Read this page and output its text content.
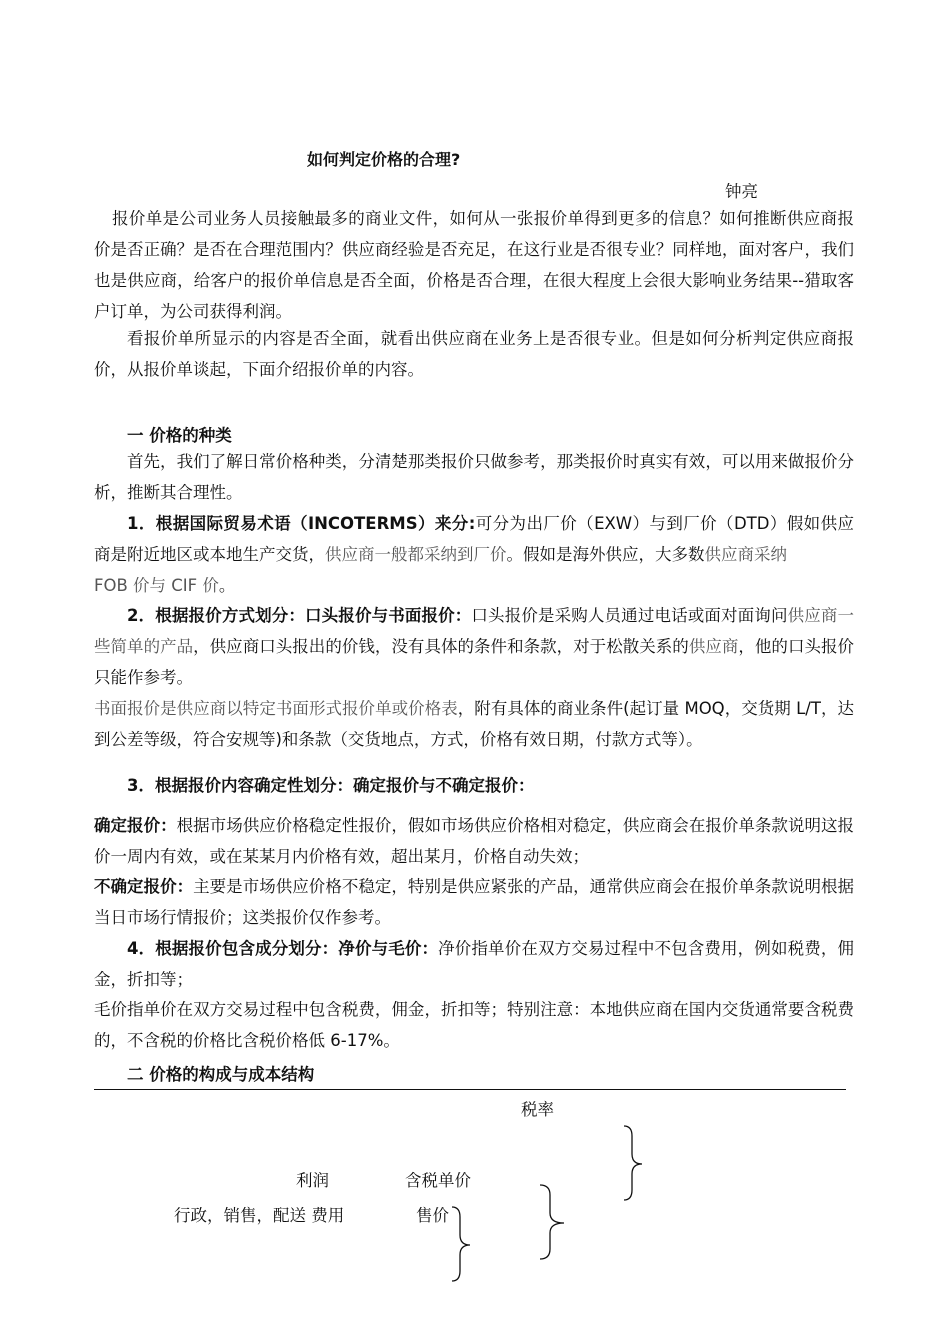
如何判定价格的合理?
钟亮

报价单是公司业务人员接触最多的商业文件，如何从一张报价单得到更多的信息？如何推断供应商报价是否正确？是否在合理范围内？供应商经验是否充足，在这行业是否很专业？同样地，面对客户，我们也是供应商，给客户的报价单信息是否全面，价格是否合理，在很大程度上会很大影响业务结果--猎取客户订单，为公司获得利润。

看报价单所显示的内容是否全面，就看出供应商在业务上是否很专业。但是如何分析判定供应商报价，从报价单谈起，下面介绍报价单的内容。

一 价格的种类

首先，我们了解日常价格种类，分清楚那类报价只做参考，那类报价时真实有效，可以用来做报价分析，推断其合理性。

1．根据国际贸易术语（INCOTERMS）来分:可分为出厂价（EXW）与到厂价（DTD）假如供应商是附近地区或本地生产交货，供应商一般都采纳到厂价。假如是海外供应，大多数供应商采纳
FOB 价与 CIF 价。

2．根据报价方式划分：口头报价与书面报价：口头报价是采购人员通过电话或面对面询问供应商一些简单的产品，供应商口头报出的价钱，没有具体的条件和条款，对于松散关系的供应商，他的口头报价只能作参考。

书面报价是供应商以特定书面形式报价单或价格表，附有具体的商业条件(起订量 MOQ，交货期 L/T，达到公差等级，符合安规等)和条款（交货地点，方式，价格有效日期，付款方式等）。

3．根据报价内容确定性划分：确定报价与不确定报价：

确定报价：根据市场供应价格稳定性报价，假如市场供应价格相对稳定，供应商会在报价单条款说明这报价一周内有效，或在某某月内价格有效，超出某月，价格自动失效；

不确定报价：主要是市场供应价格不稳定，特别是供应紧张的产品，通常供应商会在报价单条款说明根据当日市场行情报价；这类报价仅作参考。

4．根据报价包含成分划分：净价与毛价：净价指单价在双方交易过程中不包含费用，例如税费，佣金，折扣等；

毛价指单价在双方交易过程中包含税费，佣金，折扣等；特别注意：本地供应商在国内交货通常要含税费的，不含税的价格比含税价格低 6-17%。

二 价格的构成与成本结构
税率
利润	含税单价
行政，销售，配送 费用	售价
